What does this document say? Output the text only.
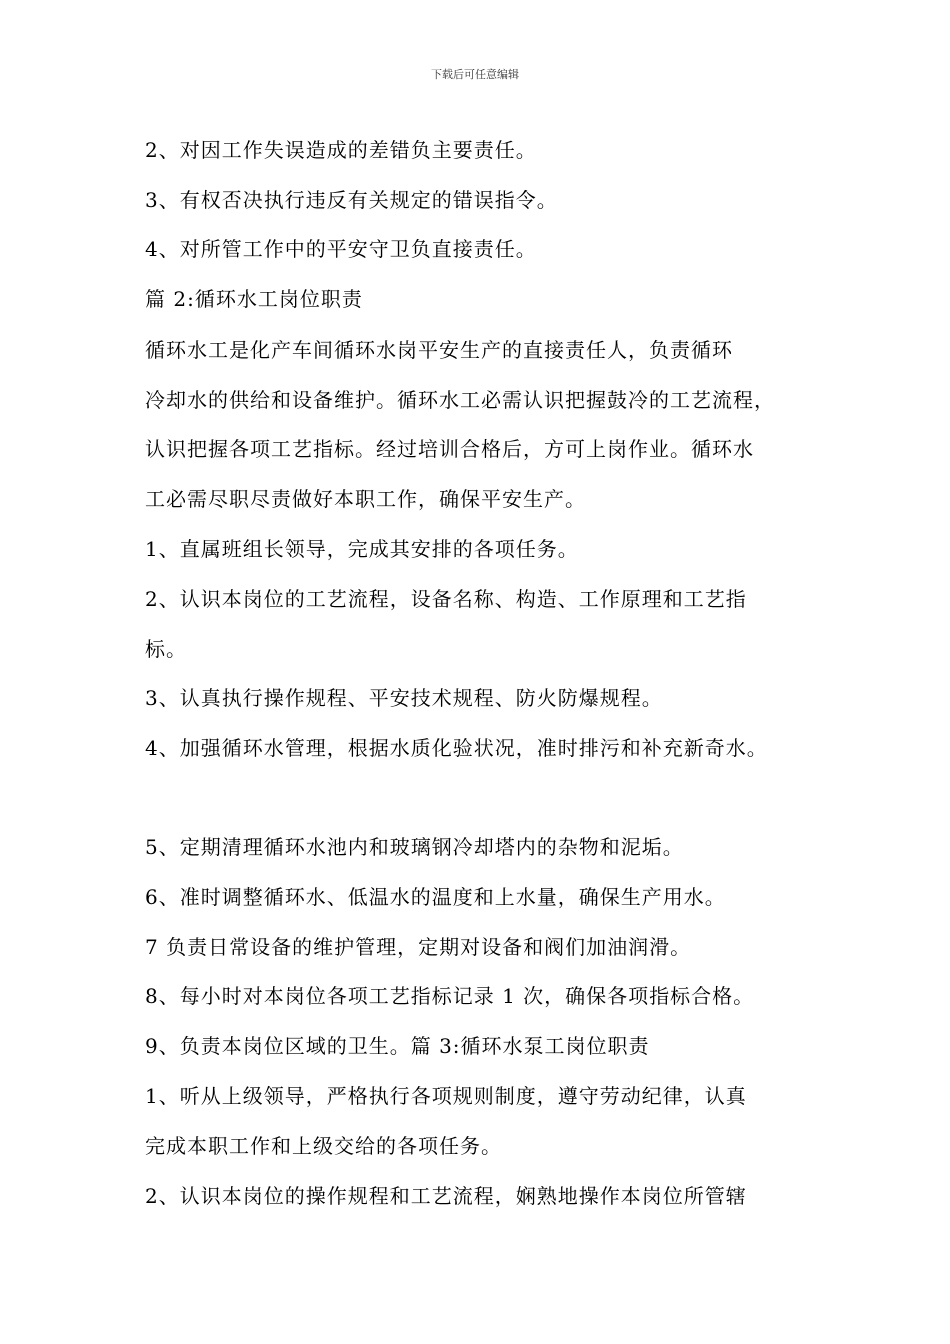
下载后可任意编辑
2、对因工作失误造成的差错负主要责任。
3、有权否决执行违反有关规定的错误指令。
4、对所管工作中的平安守卫负直接责任。
篇 2:循环水工岗位职责
循环水工是化产车间循环水岗平安生产的直接责任人，负责循环
冷却水的供给和设备维护。循环水工必需认识把握鼓冷的工艺流程，
认识把握各项工艺指标。经过培训合格后，方可上岗作业。循环水
工必需尽职尽责做好本职工作，确保平安生产。
1、直属班组长领导，完成其安排的各项任务。
2、认识本岗位的工艺流程，设备名称、构造、工作原理和工艺指
标。
3、认真执行操作规程、平安技术规程、防火防爆规程。
4、加强循环水管理，根据水质化验状况，准时排污和补充新奇水。
5、定期清理循环水池内和玻璃钢冷却塔内的杂物和泥垢。
6、准时调整循环水、低温水的温度和上水量，确保生产用水。
7 负责日常设备的维护管理，定期对设备和阀们加油润滑。
8、每小时对本岗位各项工艺指标记录 1 次，确保各项指标合格。
9、负责本岗位区域的卫生。篇 3:循环水泵工岗位职责
1、听从上级领导，严格执行各项规则制度，遵守劳动纪律，认真
完成本职工作和上级交给的各项任务。
2、认识本岗位的操作规程和工艺流程，娴熟地操作本岗位所管辖
